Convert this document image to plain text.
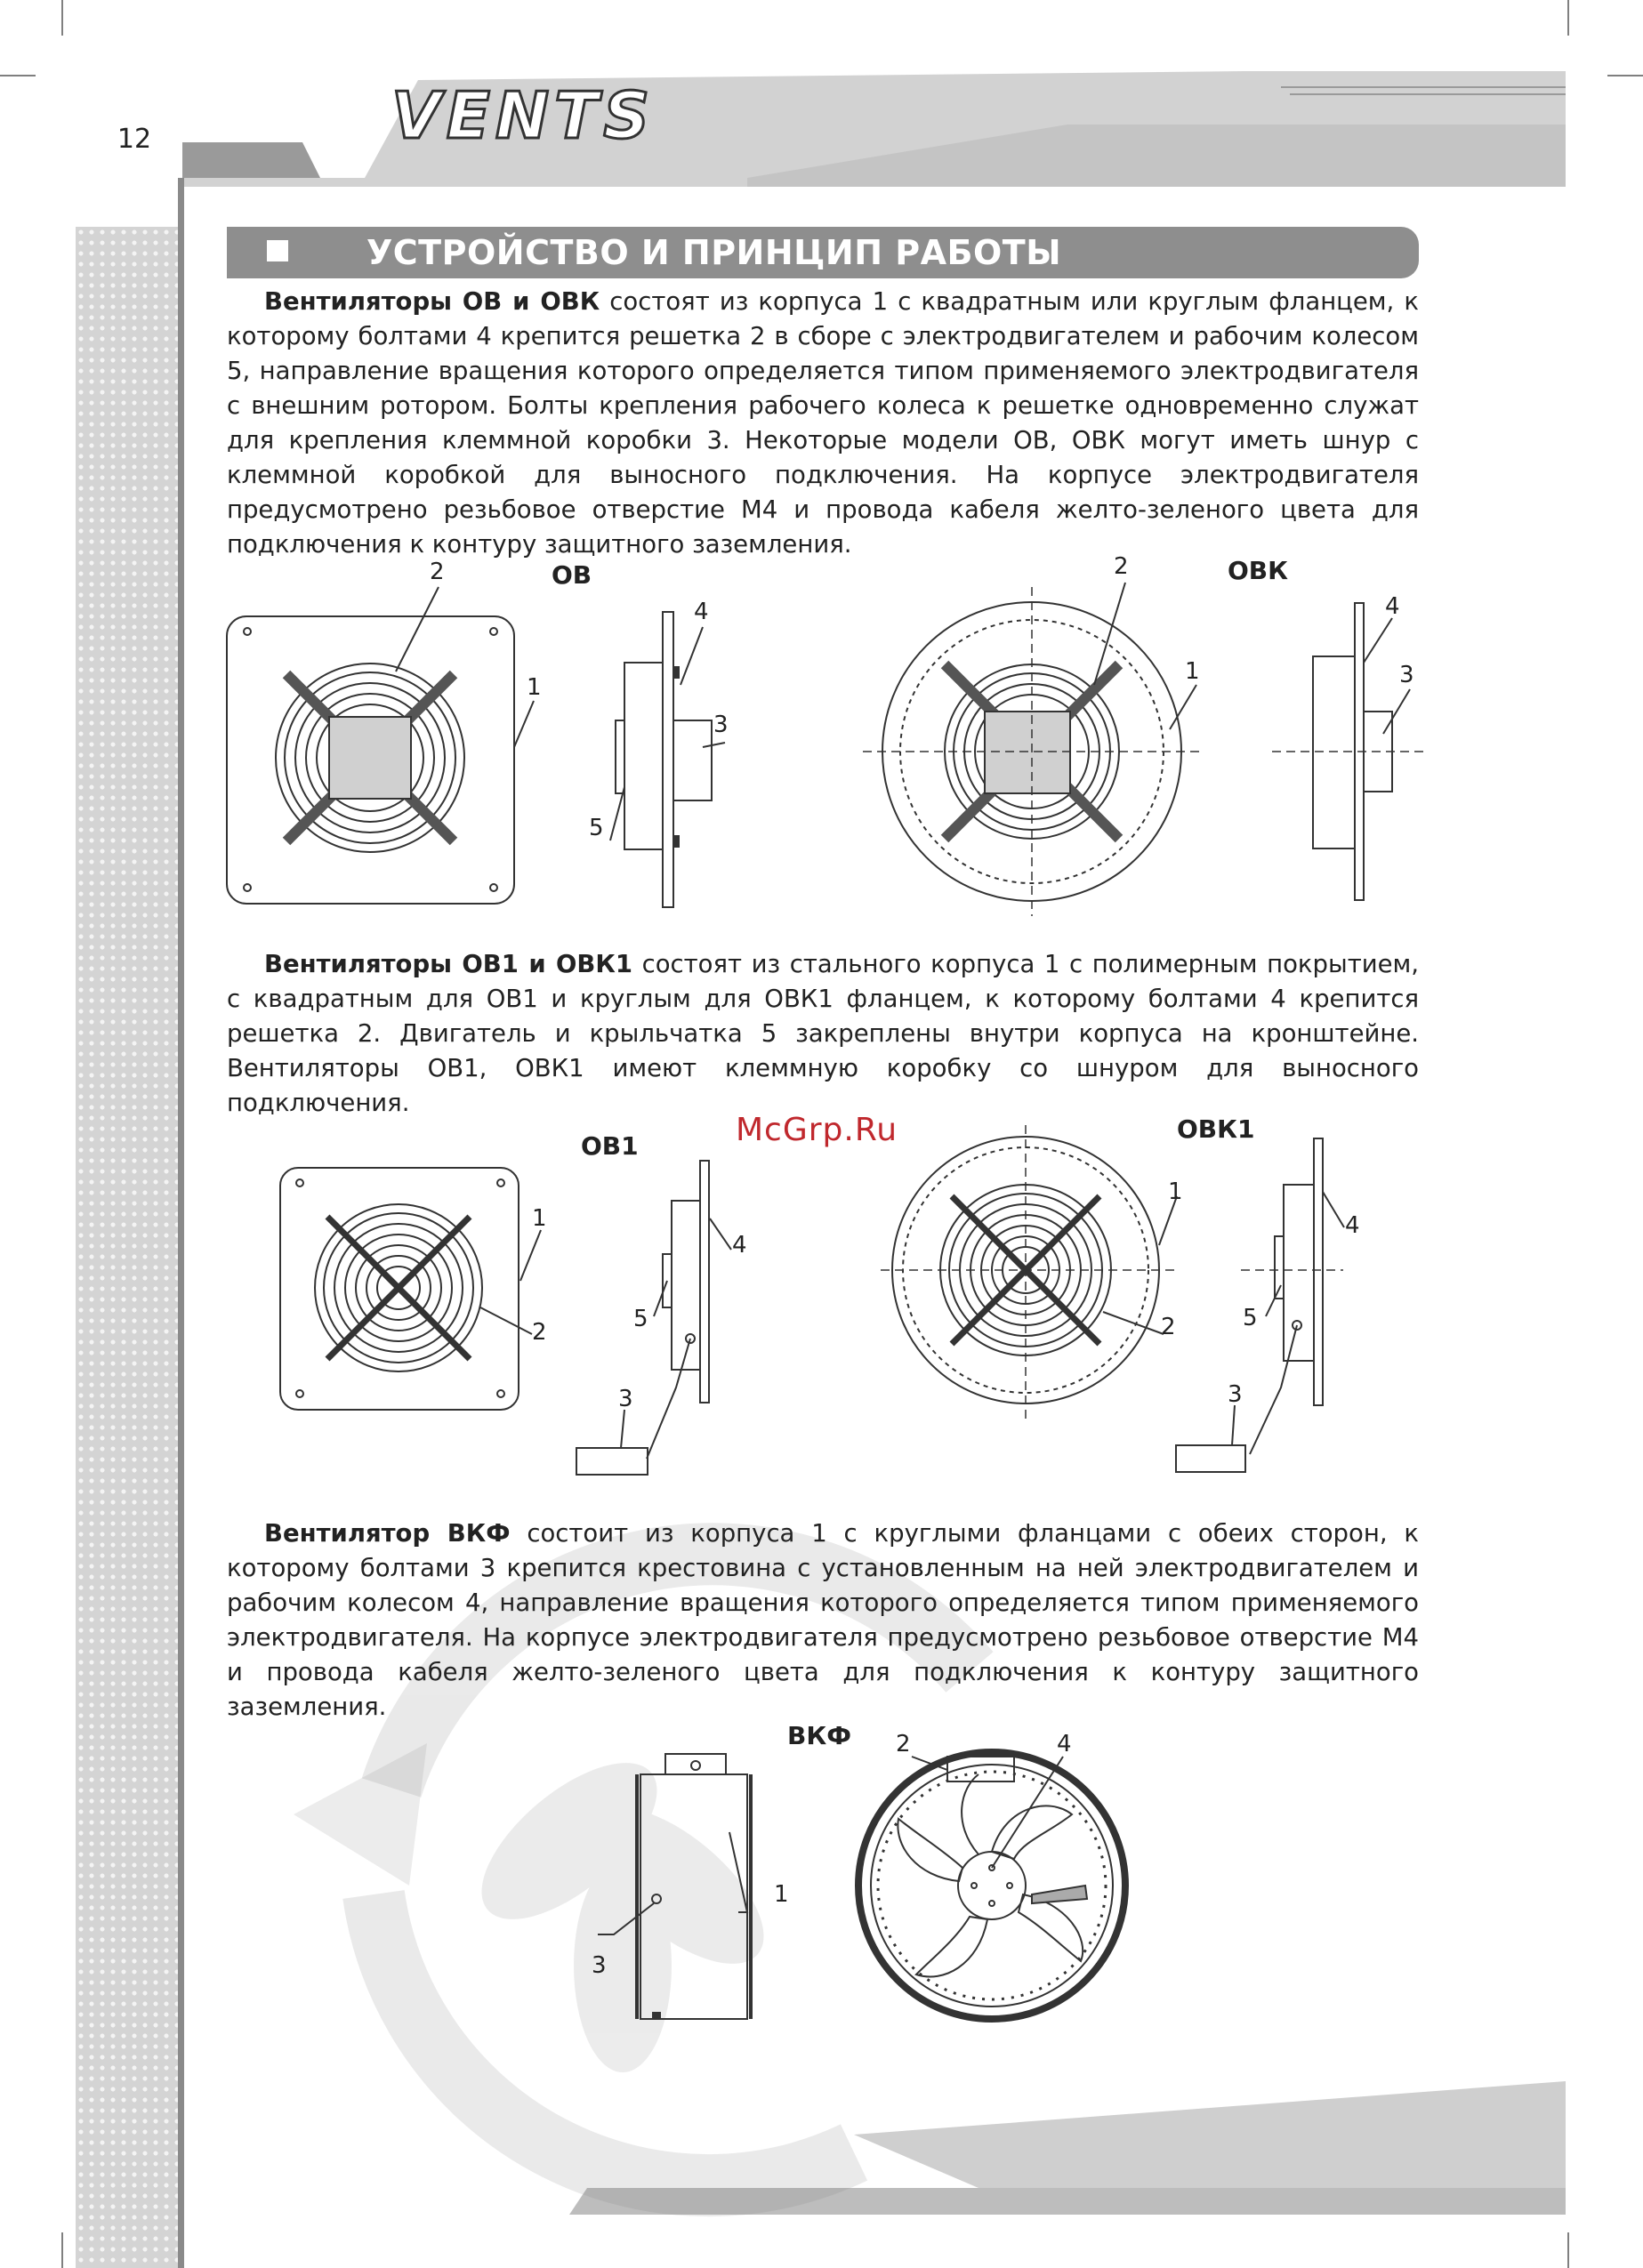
12	VENTS
УСТРОЙСТВО И ПРИНЦИП РАБОТЫ
Вентиляторы ОВ и ОВК состоят из корпуса 1 с квадратным или круглым фланцем, к которому болтами 4 крепится решетка 2 в сборе с электродвигателем и рабочим колесом 5, направление вращения которого определяется типом применяемого электродвигателя с внешним ротором. Болты крепления рабочего колеса к решетке одновременно служат для крепления клеммной коробки 3. Некоторые модели ОВ, ОВК могут иметь шнур с клеммной коробкой для выносного подключения. На корпусе электродвигателя предусмотрено резьбовое отверстие М4 и провода кабеля желто-зеленого цвета для подключения к контуру защитного заземления.
ОВ	ОВК
2
1
4
3
5
2
1
4
3
Вентиляторы ОВ1 и ОВК1 состоят из стального корпуса 1 с полимерным покрытием, с квадратным для ОВ1 и круглым для ОВК1 фланцем, к которому болтами 4 крепится решетка 2. Двигатель и крыльчатка 5 закреплены внутри корпуса на кронштейне. Вентиляторы ОВ1, ОВК1 имеют клеммную коробку со шнуром для выносного подключения.
McGrp.Ru
ОВ1
ОВК1
1
2
4
5
3
1
2
4
5
3
Вентилятор ВКФ состоит из корпуса 1 с круглыми фланцами с обеих сторон, к которому болтами 3 крепится крестовина с установленным на ней электродвигателем и рабочим колесом 4, направление вращения которого определяется типом применяемого электродвигателя. На корпусе электродвигателя предусмотрено резьбовое отверстие М4 и провода кабеля желто-зеленого цвета для подключения к контуру защитного заземления.
ВКФ
1
3
2	4
